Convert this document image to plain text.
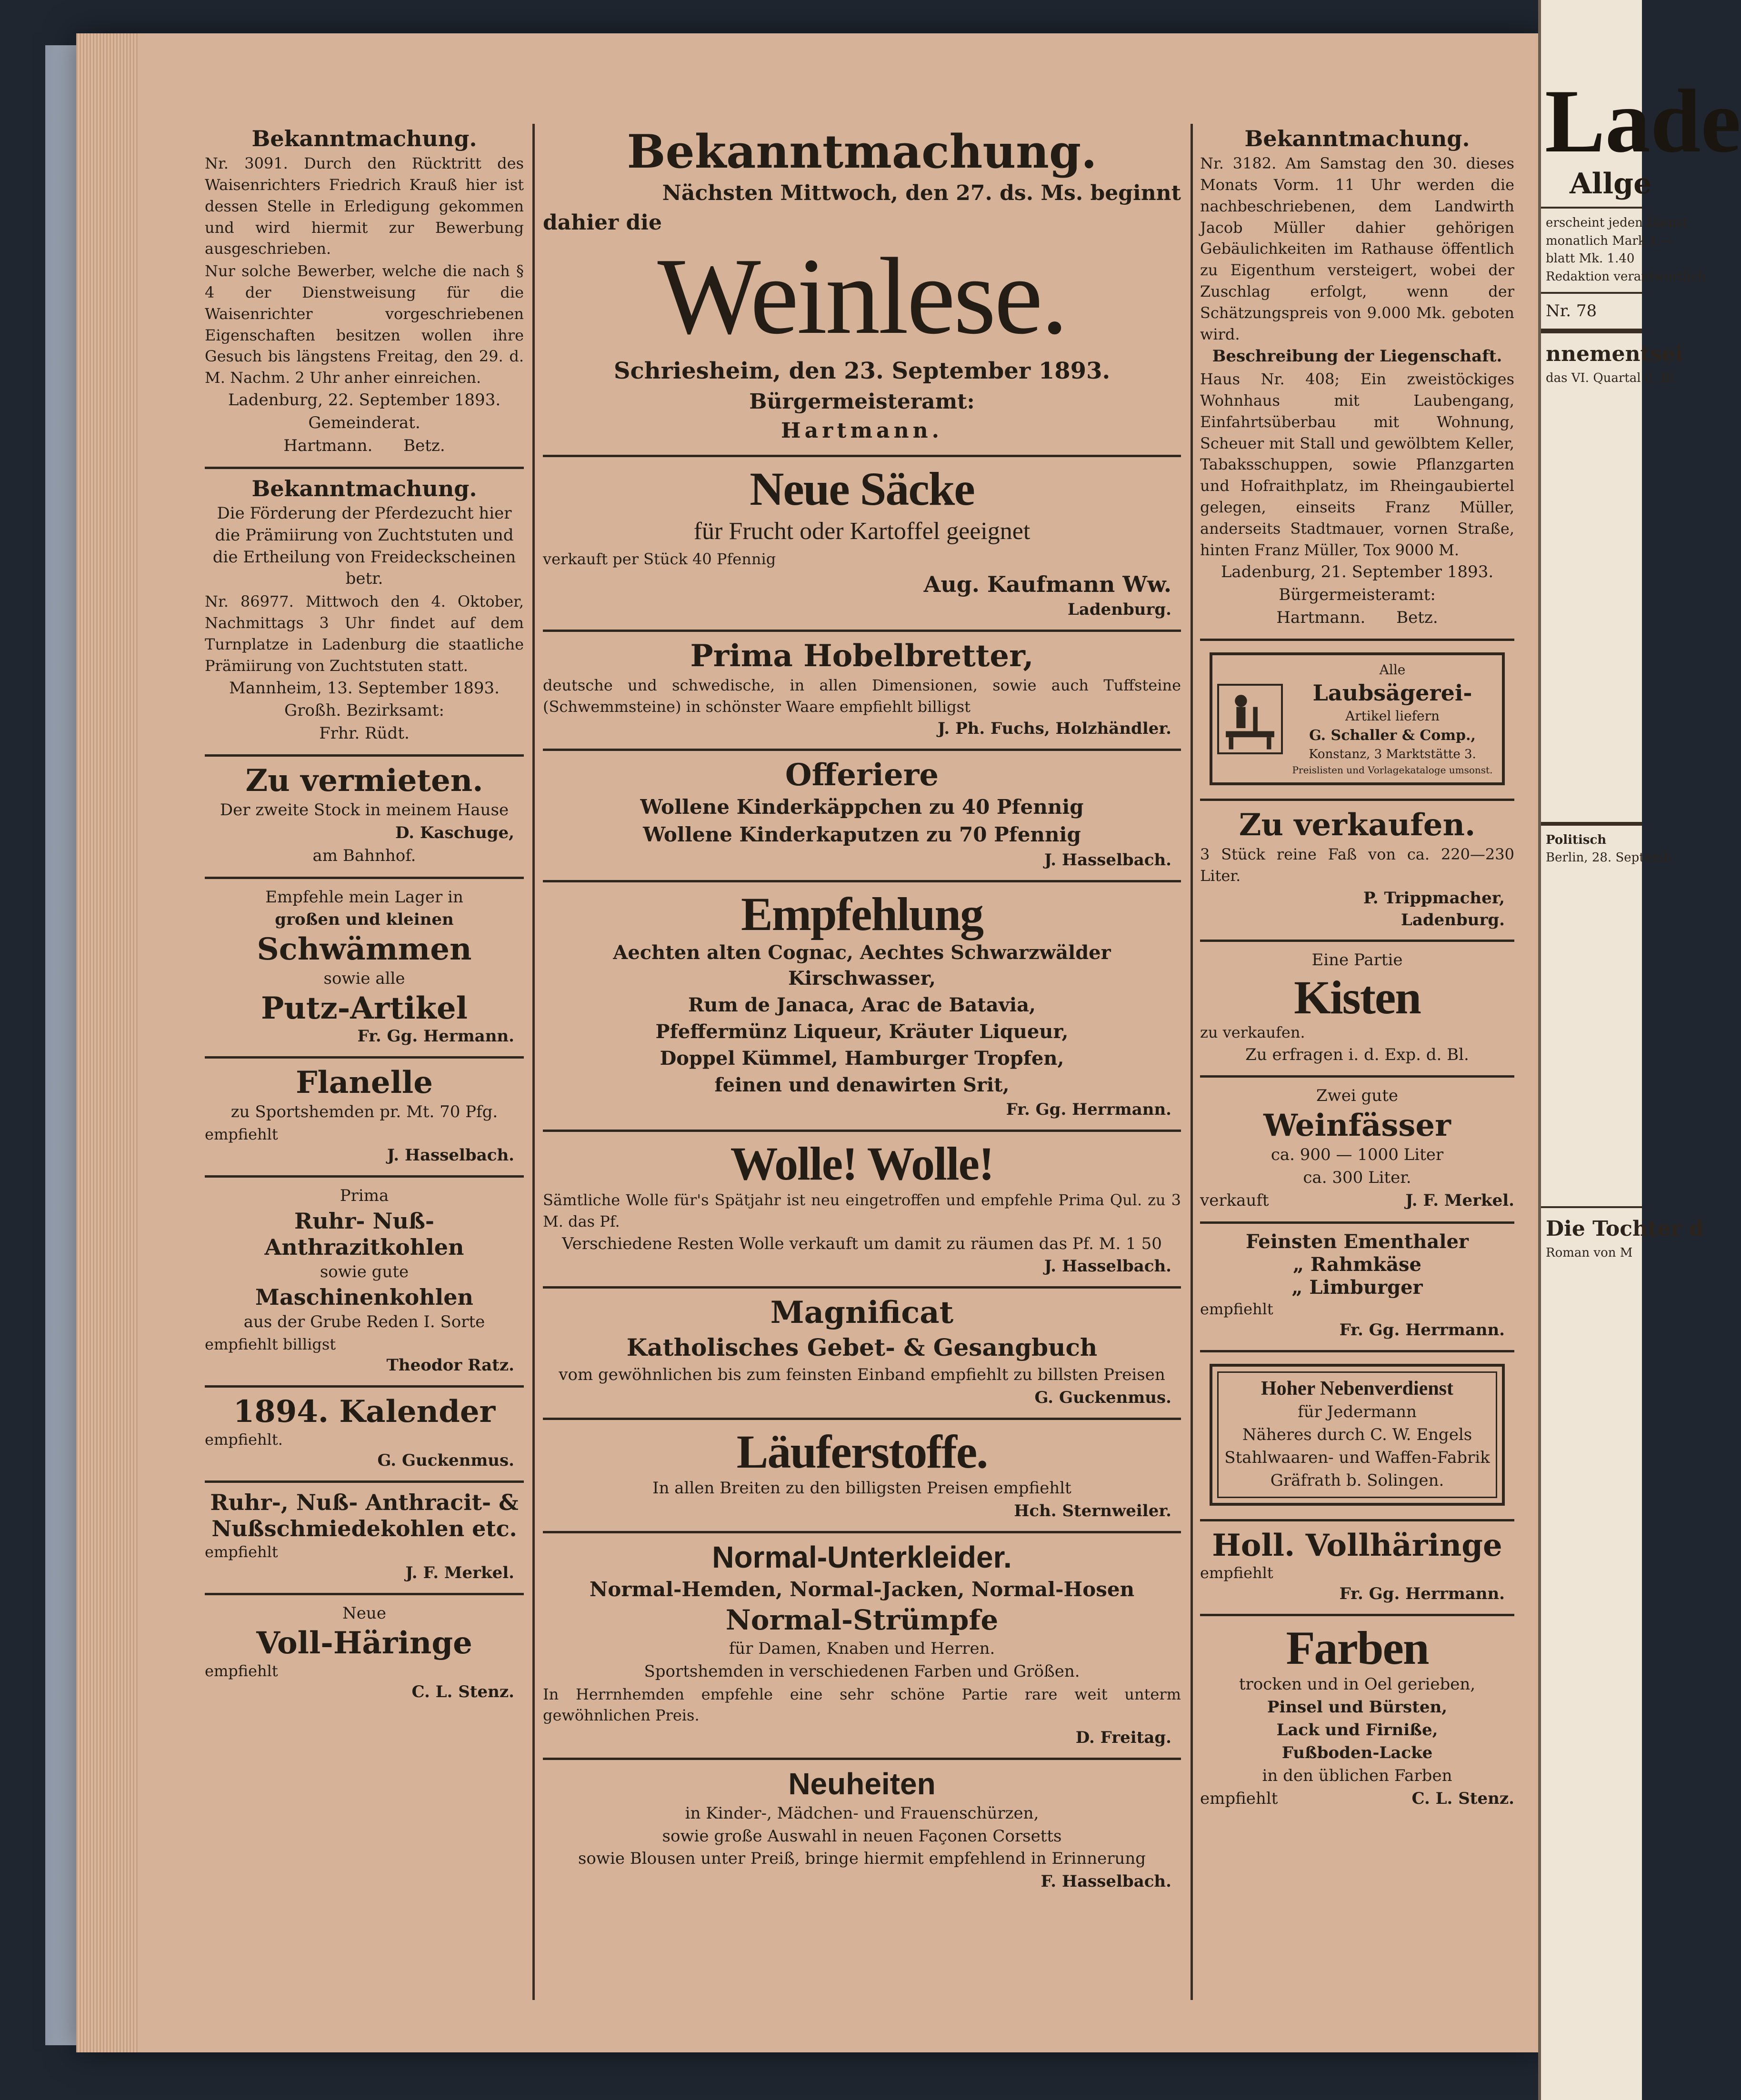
Bekanntmachung.
Nr. 3091. Durch den Rücktritt des Waisenrichters Friedrich Krauß hier ist dessen Stelle in Erledigung gekommen und wird hiermit zur Bewerbung ausgeschrieben.
Nur solche Bewerber, welche die nach § 4 der Dienstweisung für die Waisenrichter vorgeschriebenen Eigenschaften besitzen wollen ihre Gesuch bis längstens Freitag, den 29. d. M. Nachm. 2 Uhr anher einreichen.
Ladenburg, 22. September 1893.
Gemeinderat.
Hartmann. Betz.
Bekanntmachung.
Die Förderung der Pferdezucht hier die Prämiirung von Zuchtstuten und die Ertheilung von Freideckscheinen betr.
Nr. 86977. Mittwoch den 4. Oktober, Nachmittags 3 Uhr findet auf dem Turnplatze in Ladenburg die staatliche Prämiirung von Zuchtstuten statt.
Mannheim, 13. September 1893.
Großh. Bezirksamt:
Frhr. Rüdt.
Zu vermieten.
Der zweite Stock in meinem Hause
D. Kaschuge,
am Bahnhof.
Empfehle mein Lager in
großen und kleinen
Schwämmen
sowie alle
Putz-Artikel
Fr. Gg. Hermann.
Flanelle
zu Sportshemden pr. Mt. 70 Pfg.
empfiehlt
J. Hasselbach.
Prima
Ruhr- Nuß- Anthrazitkohlen
sowie gute
Maschinenkohlen
aus der Grube Reden I. Sorte
empfiehlt billigst
Theodor Ratz.
1894. Kalender
empfiehlt.
G. Guckenmus.
Ruhr-, Nuß- Anthracit- & Nußschmiedekohlen etc.
empfiehlt
J. F. Merkel.
Neue
Voll-Häringe
empfiehlt
C. L. Stenz.
Bekanntmachung.
Nächsten Mittwoch, den 27. ds. Ms. beginnt
dahier die
Weinlese.
Schriesheim, den 23. September 1893.
Bürgermeisteramt:
Hartmann.
Neue Säcke
für Frucht oder Kartoffel geeignet
verkauft per Stück 40 Pfennig
Aug. Kaufmann Ww.
Ladenburg.
Prima Hobelbretter,
deutsche und schwedische, in allen Dimensionen, sowie auch Tuffsteine (Schwemmsteine) in schönster Waare empfiehlt billigst
J. Ph. Fuchs, Holzhändler.
Offeriere
Wollene Kinderkäppchen zu 40 Pfennig
Wollene Kinderkaputzen zu 70 Pfennig
J. Hasselbach.
Empfehlung
Aechten alten Cognac, Aechtes Schwarzwälder Kirschwasser,
Rum de Janaca, Arac de Batavia,
Pfeffermünz Liqueur, Kräuter Liqueur,
Doppel Kümmel, Hamburger Tropfen,
feinen und denawirten Srit,
Fr. Gg. Herrmann.
Wolle! Wolle!
Sämtliche Wolle für's Spätjahr ist neu eingetroffen und empfehle Prima Qul. zu 3 M. das Pf.
Verschiedene Resten Wolle verkauft um damit zu räumen das Pf. M. 1 50
J. Hasselbach.
Magnificat
Katholisches Gebet- & Gesangbuch
vom gewöhnlichen bis zum feinsten Einband empfiehlt zu billsten Preisen
G. Guckenmus.
Läuferstoffe.
In allen Breiten zu den billigsten Preisen empfiehlt
Hch. Sternweiler.
Normal-Unterkleider.
Normal-Hemden, Normal-Jacken, Normal-Hosen
Normal-Strümpfe
für Damen, Knaben und Herren.
Sportshemden in verschiedenen Farben und Größen.
In Herrnhemden empfehle eine sehr schöne Partie rare weit unterm gewöhnlichen Preis.
D. Freitag.
Neuheiten
in Kinder-, Mädchen- und Frauenschürzen,
sowie große Auswahl in neuen Façonen Corsetts
sowie Blousen unter Preiß, bringe hiermit empfehlend in Erinnerung
F. Hasselbach.
Bekanntmachung.
Nr. 3182. Am Samstag den 30. dieses Monats Vorm. 11 Uhr werden die nachbeschriebenen, dem Landwirth Jacob Müller dahier gehörigen Gebäulichkeiten im Rathause öffentlich zu Eigenthum versteigert, wobei der Zuschlag erfolgt, wenn der Schätzungspreis von 9.000 Mk. geboten wird.
Beschreibung der Liegenschaft.
Haus Nr. 408; Ein zweistöckiges Wohnhaus mit Laubengang, Einfahrtsüberbau mit Wohnung, Scheuer mit Stall und gewölbtem Keller, Tabaksschuppen, sowie Pflanzgarten und Hofraithplatz, im Rheingaubiertel gelegen, einseits Franz Müller, anderseits Stadtmauer, vornen Straße, hinten Franz Müller, Tox 9000 M.
Ladenburg, 21. September 1893.
Bürgermeisteramt:
Hartmann. Betz.
Alle
Laubsägerei-
Artikel liefern
G. Schaller & Comp.,
Konstanz, 3 Marktstätte 3.
Preislisten und Vorlagekataloge umsonst.
Zu verkaufen.
3 Stück reine Faß von ca. 220—230 Liter.
P. Trippmacher,
Ladenburg.
Eine Partie
Kisten
zu verkaufen.
Zu erfragen i. d. Exp. d. Bl.
Zwei gute
Weinfässer
ca. 900 — 1000 Liter
ca. 300 Liter.
verkauft	J. F. Merkel.
Feinsten Ementhaler
„ Rahmkäse
„ Limburger
empfiehlt
Fr. Gg. Herrmann.
Hoher Nebenverdienst
für Jedermann
Näheres durch C. W. Engels
Stahlwaaren- und Waffen-Fabrik
Gräfrath b. Solingen.
Holl. Vollhäringe
empfiehlt
Fr. Gg. Herrmann.
Farben
trocken und in Oel gerieben,
Pinsel und Bürsten,
Lack und Firniße,
Fußboden-Lacke
in den üblichen Farben
empfiehlt	C. L. Stenz.
Lade
Allge
erscheint jeden Dienst
monatlich Mark 1.—
blatt Mk. 1.40
Redaktion verantwortlich
Nr. 78
nnementsei
das VI. Quartal d. Bl.
Politisch
Berlin, 28. Septemb
Die Tochter d
Roman von M
